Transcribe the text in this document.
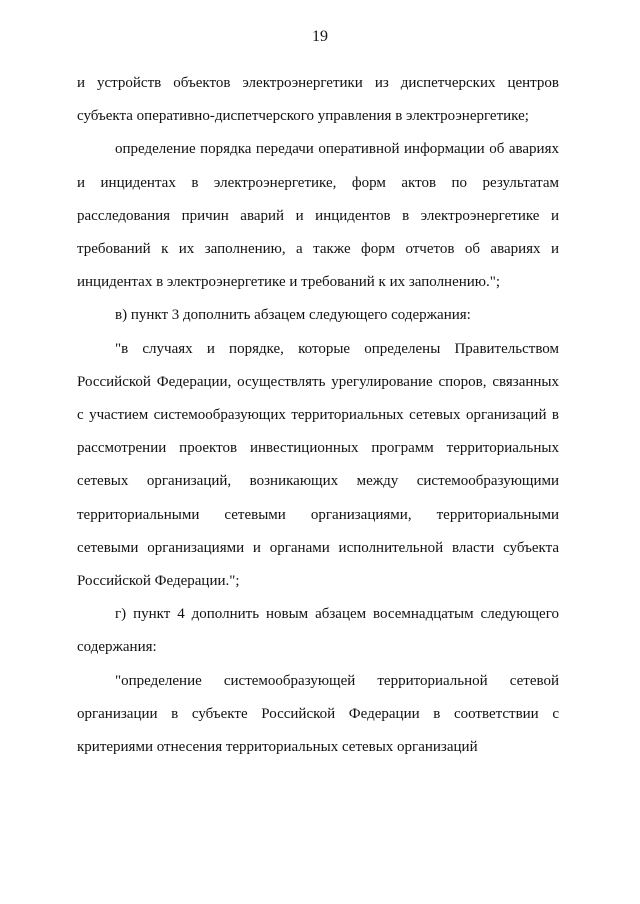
19

и устройств объектов электроэнергетики из диспетчерских центров субъекта оперативно-диспетчерского управления в электроэнергетике;

определение порядка передачи оперативной информации об авариях и инцидентах в электроэнергетике, форм актов по результатам расследования причин аварий и инцидентов в электроэнергетике и требований к их заполнению, а также форм отчетов об авариях и инцидентах в электроэнергетике и требований к их заполнению.";

в) пункт 3 дополнить абзацем следующего содержания:

"в случаях и порядке, которые определены Правительством Российской Федерации, осуществлять урегулирование споров, связанных с участием системообразующих территориальных сетевых организаций в рассмотрении проектов инвестиционных программ территориальных сетевых организаций, возникающих между системообразующими территориальными сетевыми организациями, территориальными сетевыми организациями и органами исполнительной власти субъекта Российской Федерации.";

г) пункт 4 дополнить новым абзацем восемнадцатым следующего содержания:

"определение системообразующей территориальной сетевой организации в субъекте Российской Федерации в соответствии с критериями отнесения территориальных сетевых организаций
